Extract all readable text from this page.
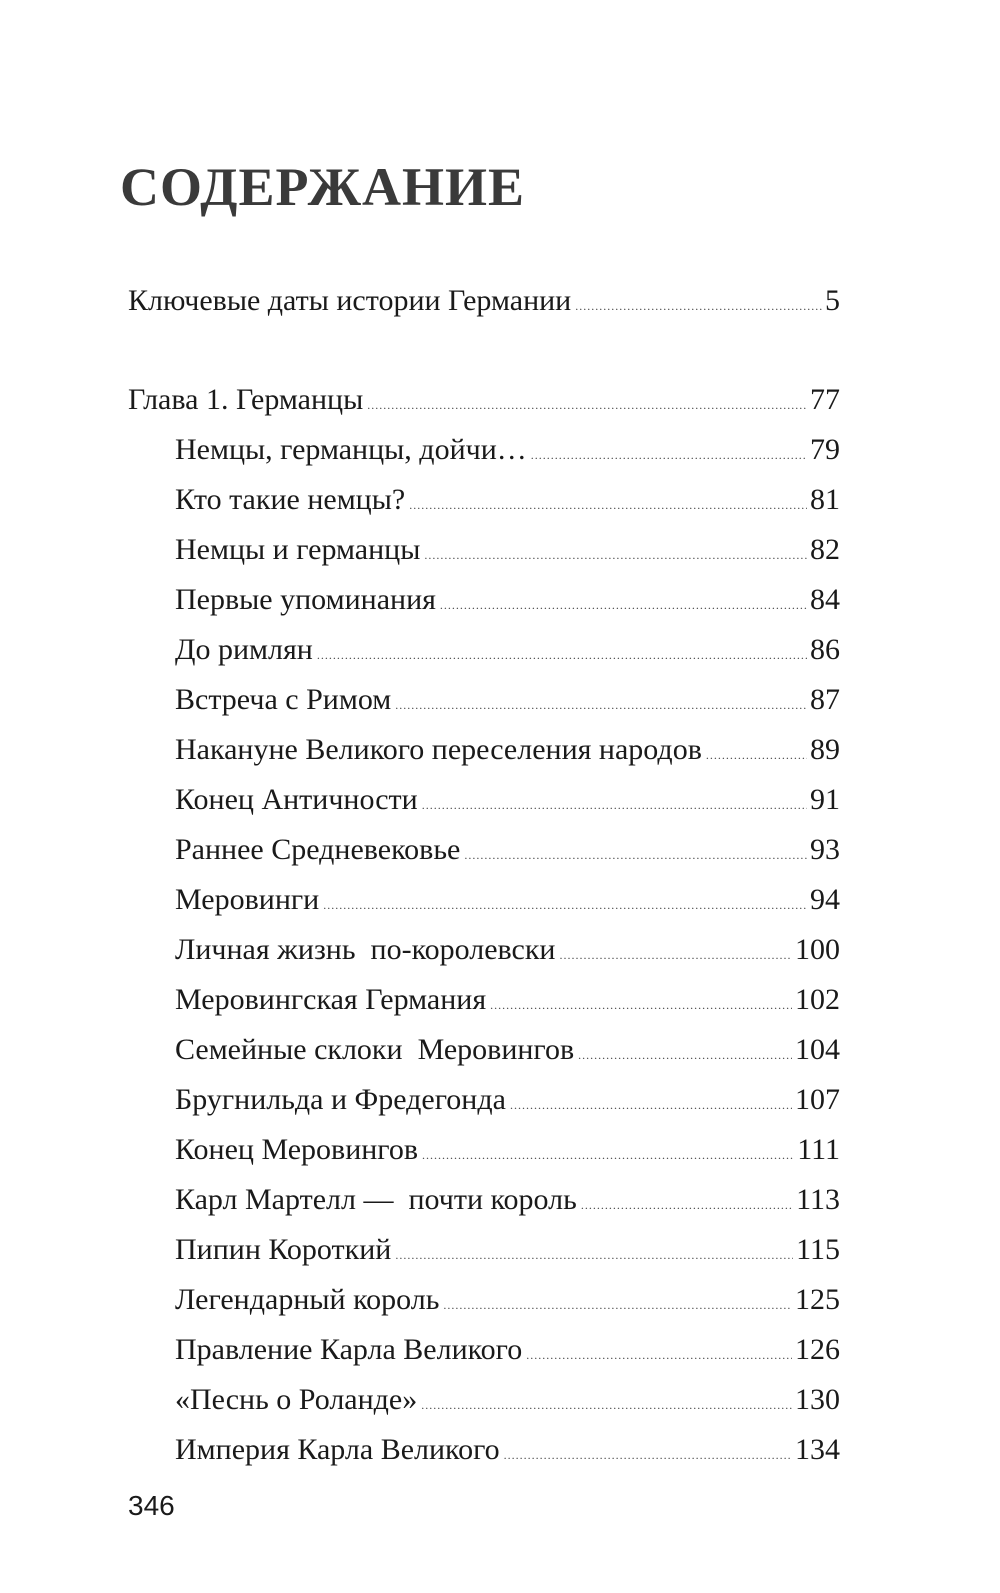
СОДЕРЖАНИЕ
Ключевые даты истории Германии .....	5
Глава 1. Германцы .....	77
Немцы, германцы, дойчи… .....	79
Кто такие немцы? .....	81
Немцы и германцы .....	82
Первые упоминания .....	84
До римлян .....	86
Встреча с Римом .....	87
Накануне Великого переселения народов .....	89
Конец Античности .....	91
Раннее Средневековье .....	93
Меровинги .....	94
Личная жизнь  по-королевски .....	100
Меровингская Германия .....	102
Семейные склоки  Меровингов .....	104
Бругнильда и Фредегонда .....	107
Конец Меровингов .....	111
Карл Мартелл —  почти король .....	113
Пипин Короткий .....	115
Легендарный король .....	125
Правление Карла Великого .....	126
«Песнь о Роланде» .....	130
Империя Карла Великого .....	134
346
